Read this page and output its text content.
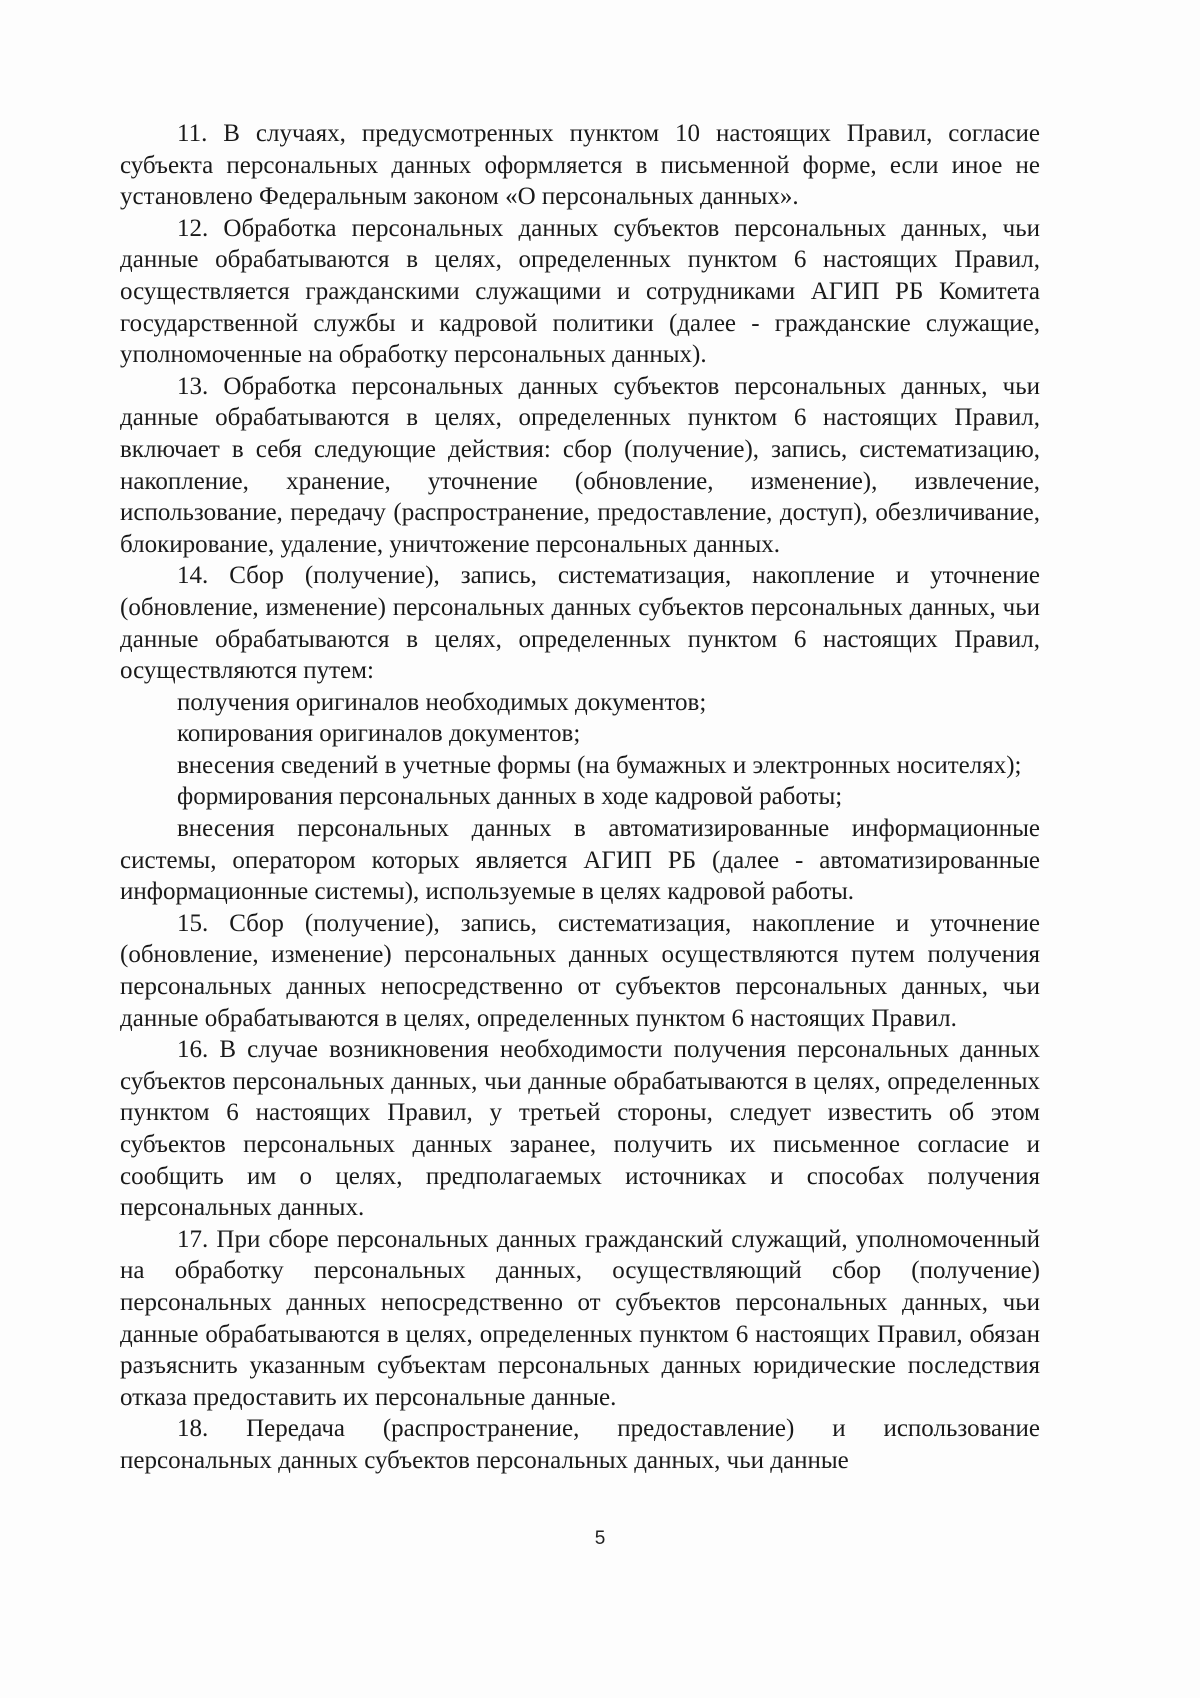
11. В случаях, предусмотренных пунктом 10 настоящих Правил, согласие субъекта персональных данных оформляется в письменной форме, если иное не установлено Федеральным законом «О персональных данных».

12. Обработка персональных данных субъектов персональных данных, чьи данные обрабатываются в целях, определенных пунктом 6 настоящих Правил, осуществляется гражданскими служащими и сотрудниками АГИП РБ Комитета государственной службы и кадровой политики (далее - гражданские служащие, уполномоченные на обработку персональных данных).

13. Обработка персональных данных субъектов персональных данных, чьи данные обрабатываются в целях, определенных пунктом 6 настоящих Правил, включает в себя следующие действия: сбор (получение), запись, систематизацию, накопление, хранение, уточнение (обновление, изменение), извлечение, использование, передачу (распространение, предоставление, доступ), обезличивание, блокирование, удаление, уничтожение персональных данных.

14. Сбор (получение), запись, систематизация, накопление и уточнение (обновление, изменение) персональных данных субъектов персональных данных, чьи данные обрабатываются в целях, определенных пунктом 6 настоящих Правил, осуществляются путем:

получения оригиналов необходимых документов;

копирования оригиналов документов;

внесения сведений в учетные формы (на бумажных и электронных носителях);

формирования персональных данных в ходе кадровой работы;

внесения персональных данных в автоматизированные информационные системы, оператором которых является АГИП РБ (далее - автоматизированные информационные системы), используемые в целях кадровой работы.

15. Сбор (получение), запись, систематизация, накопление и уточнение (обновление, изменение) персональных данных осуществляются путем получения персональных данных непосредственно от субъектов персональных данных, чьи данные обрабатываются в целях, определенных пунктом 6 настоящих Правил.

16. В случае возникновения необходимости получения персональных данных субъектов персональных данных, чьи данные обрабатываются в целях, определенных пунктом 6 настоящих Правил, у третьей стороны, следует известить об этом субъектов персональных данных заранее, получить их письменное согласие и сообщить им о целях, предполагаемых источниках и способах получения персональных данных.

17. При сборе персональных данных гражданский служащий, уполномоченный на обработку персональных данных, осуществляющий сбор (получение) персональных данных непосредственно от субъектов персональных данных, чьи данные обрабатываются в целях, определенных пунктом 6 настоящих Правил, обязан разъяснить указанным субъектам персональных данных юридические последствия отказа предоставить их персональные данные.

18. Передача (распространение, предоставление) и использование персональных данных субъектов персональных данных, чьи данные

5
